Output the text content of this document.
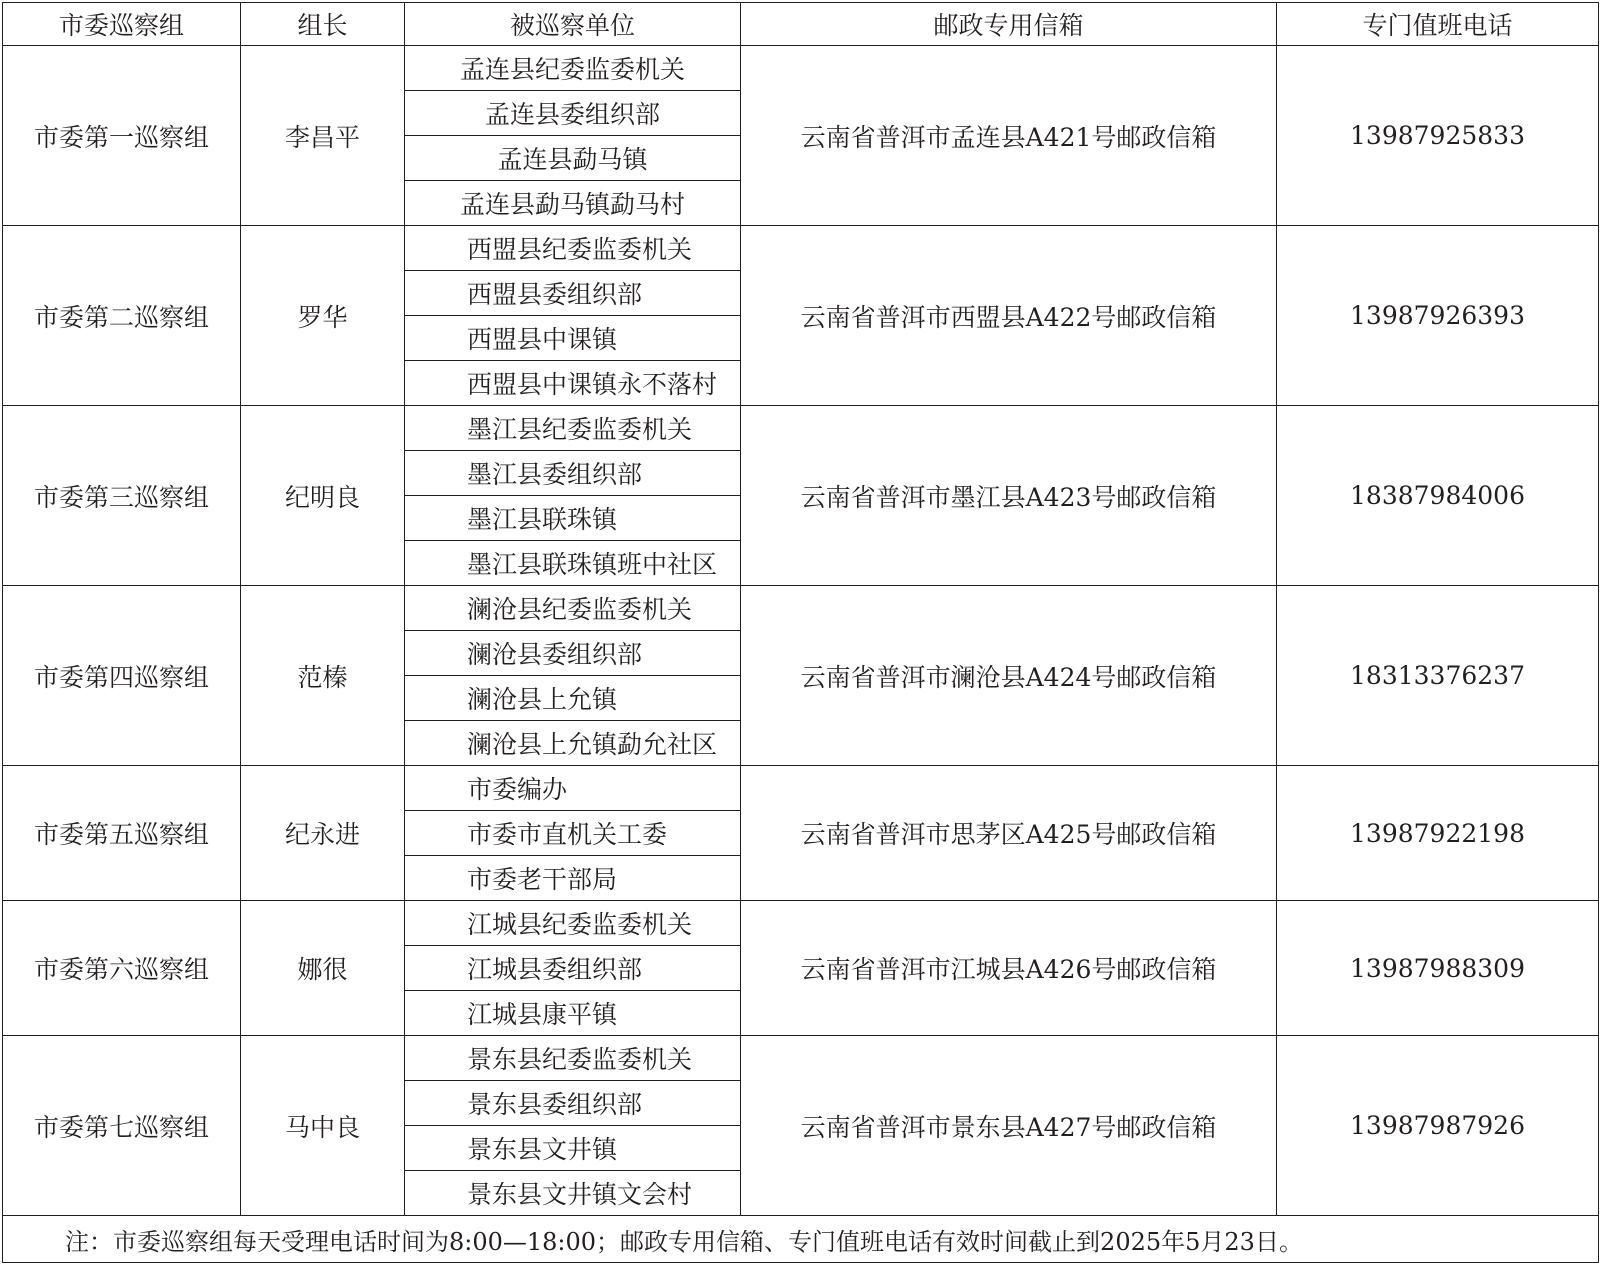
市委巡察组	组长	被巡察单位	邮政专用信箱	专门值班电话
市委第一巡察组	李昌平	孟连县纪委监委机关	云南省普洱市孟连县A421号邮政信箱	13987925833
		孟连县委组织部		
		孟连县勐马镇		
		孟连县勐马镇勐马村		
市委第二巡察组	罗华	西盟县纪委监委机关	云南省普洱市西盟县A422号邮政信箱	13987926393
		西盟县委组织部		
		西盟县中课镇		
		西盟县中课镇永不落村		
市委第三巡察组	纪明良	墨江县纪委监委机关	云南省普洱市墨江县A423号邮政信箱	18387984006
		墨江县委组织部		
		墨江县联珠镇		
		墨江县联珠镇班中社区		
市委第四巡察组	范榛	澜沧县纪委监委机关	云南省普洱市澜沧县A424号邮政信箱	18313376237
		澜沧县委组织部		
		澜沧县上允镇		
		澜沧县上允镇勐允社区		
市委第五巡察组	纪永进	市委编办	云南省普洱市思茅区A425号邮政信箱	13987922198
		市委市直机关工委		
		市委老干部局		
市委第六巡察组	娜很	江城县纪委监委机关	云南省普洱市江城县A426号邮政信箱	13987988309
		江城县委组织部		
		江城县康平镇		
市委第七巡察组	马中良	景东县纪委监委机关	云南省普洱市景东县A427号邮政信箱	13987987926
		景东县委组织部		
		景东县文井镇		
		景东县文井镇文会村		
注：市委巡察组每天受理电话时间为8:00—18:00；邮政专用信箱、专门值班电话有效时间截止到2025年5月23日。				
